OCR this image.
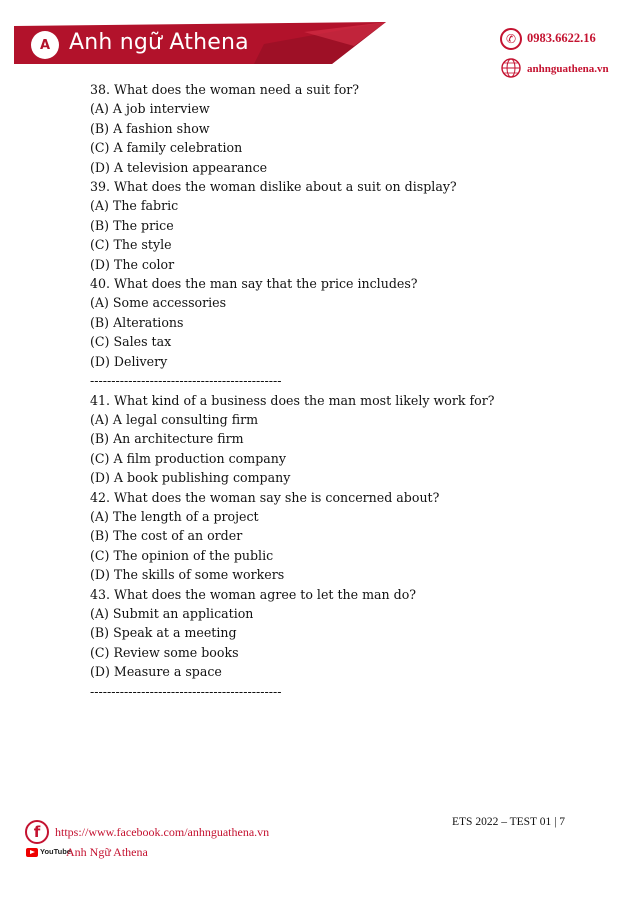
A Anh ngữ Athena	✆ 0983.6622.16
anhnguathena.vn
38. What does the woman need a suit for?
(A) A job interview
(B) A fashion show
(C) A family celebration
(D) A television appearance
39. What does the woman dislike about a suit on display?
(A) The fabric
(B) The price
(C) The style
(D) The color
40. What does the man say that the price includes?
(A) Some accessories
(B) Alterations
(C) Sales tax
(D) Delivery
---------------------------------------------
41. What kind of a business does the man most likely work for?
(A) A legal consulting firm
(B) An architecture firm
(C) A film production company
(D) A book publishing company
42. What does the woman say she is concerned about?
(A) The length of a project
(B) The cost of an order
(C) The opinion of the public
(D) The skills of some workers
43. What does the woman agree to let the man do?
(A) Submit an application
(B) Speak at a meeting
(C) Review some books
(D) Measure a space
---------------------------------------------
ETS 2022 – TEST 01 | 7
f	https://www.facebook.com/anhnguathena.vn
YouTube
Anh Ngữ Athena
